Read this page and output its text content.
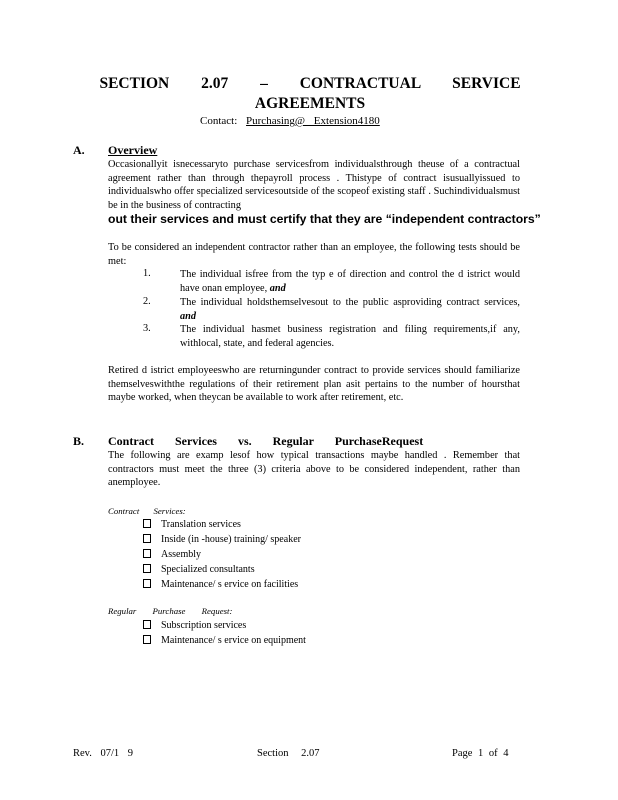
SECTION 2.07 – CONTRACTUAL SERVICE
AGREEMENTS
Contact: Purchasing@ Extension4180
A. Overview
Occasionallyit isnecessaryto purchase servicesfrom individualsthrough theuse of a contractual agreement rather than through thepayroll process . Thistype of contract isusuallyissued to individualswho offer specialized servicesoutside of the scopeof existing staff . Suchindividualsmust be in the business of contracting
out their services and must certify that they are “independent contractors”
To be considered an independent contractor rather than an employee, the following tests should be met:
1.	The individual isfree from the typ e of direction and control the d istrict would have onan employee, and
2.	The individual holdsthemselvesout to the public asproviding contract services, and
3.	The individual hasmet business registration and filing requirements,if any, withlocal, state, and federal agencies.
Retired d istrict employeeswho are returningunder contract to provide services should familiarize themselveswiththe regulations of their retirement plan asit pertains to the number of hoursthat maybe worked, when theycan be available to work after retirement, etc.
B. Contract Services vs. Regular PurchaseRequest
The following are examp lesof how typical transactions maybe handled . Remember that contractors must meet the three (3) criteria above to be considered independent, rather than anemployee.
Contract Services:
Translation services
Inside (in -house) training/ speaker
Assembly
Specialized consultants
Maintenance/ s ervice on facilities
Regular Purchase Request:
Subscription services
Maintenance/ s ervice on equipment
Rev. 07/1 9	Section 2.07	Page 1 of 4
